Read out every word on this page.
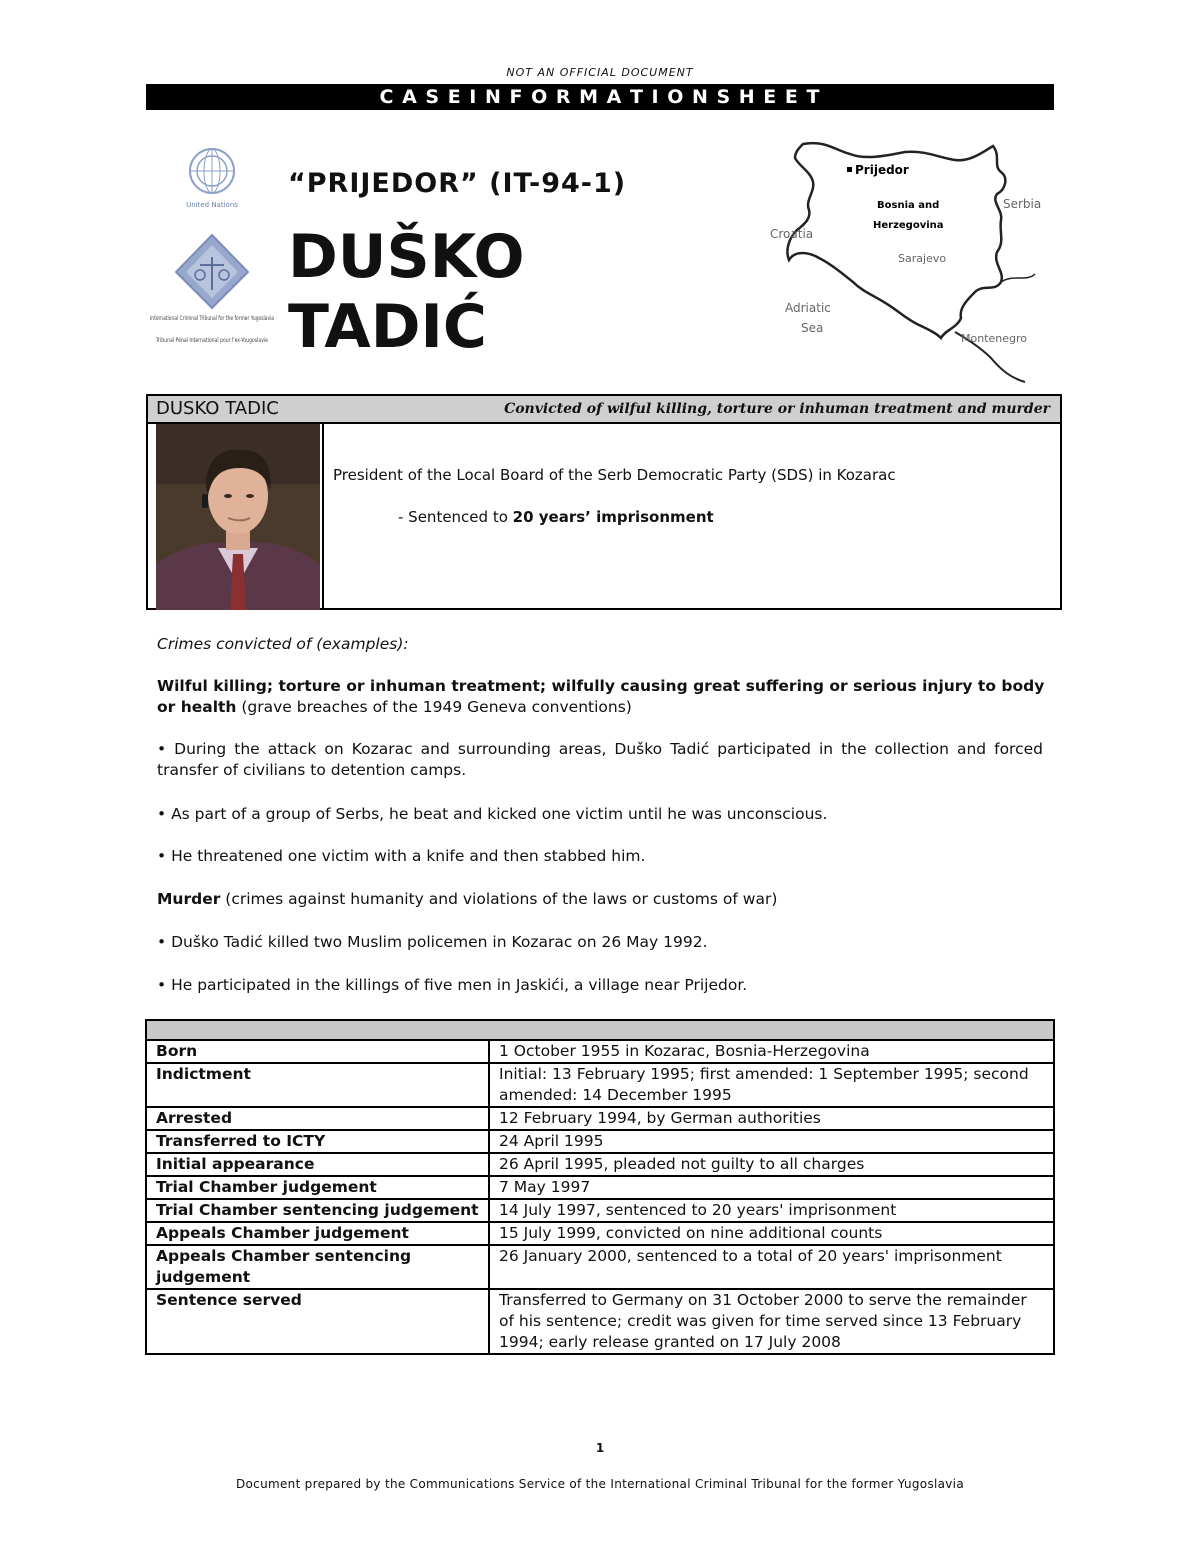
NOT AN OFFICIAL DOCUMENT
C A S E I N F O R M A T I O N S H E E T
United Nations
International Criminal Tribunal for the former Yugoslavia
Tribunal Pénal International pour l'ex-Yougoslavie
“PRIJEDOR” (IT-94-1)
DUŠKO
TADIĆ
Prijedor
Bosnia and
Herzegovina
Serbia
Croatia
Sarajevo
Adriatic
Sea
Montenegro
DUSKO TADIC	Convicted of wilful killing, torture or inhuman treatment and murder
President of the Local Board of the Serb Democratic Party (SDS) in Kozarac
- Sentenced to 20 years’ imprisonment
Crimes convicted of (examples):
Wilful killing; torture or inhuman treatment; wilfully causing great suffering or serious injury to body or health (grave breaches of the 1949 Geneva conventions)
• During the attack on Kozarac and surrounding areas, Duško Tadić participated in the collection and forced transfer of civilians to detention camps.
• As part of a group of Serbs, he beat and kicked one victim until he was unconscious.
• He threatened one victim with a knife and then stabbed him.
Murder (crimes against humanity and violations of the laws or customs of war)
• Duško Tadić killed two Muslim policemen in Kozarac on 26 May 1992.
• He participated in the killings of five men in Jaskići, a village near Prijedor.

Born	1 October 1955 in Kozarac, Bosnia-Herzegovina
Indictment	Initial: 13 February 1995; first amended: 1 September 1995; second amended: 14 December 1995
Arrested	12 February 1994, by German authorities
Transferred to ICTY	24 April 1995
Initial appearance	26 April 1995, pleaded not guilty to all charges
Trial Chamber judgement	7 May 1997
Trial Chamber sentencing judgement	14 July 1997, sentenced to 20 years' imprisonment
Appeals Chamber judgement	15 July 1999, convicted on nine additional counts
Appeals Chamber sentencing judgement	26 January 2000, sentenced to a total of 20 years' imprisonment
Sentence served	Transferred to Germany on 31 October 2000 to serve the remainder of his sentence; credit was given for time served since 13 February 1994; early release granted on 17 July 2008
1
Document prepared by the Communications Service of the International Criminal Tribunal for the former Yugoslavia
